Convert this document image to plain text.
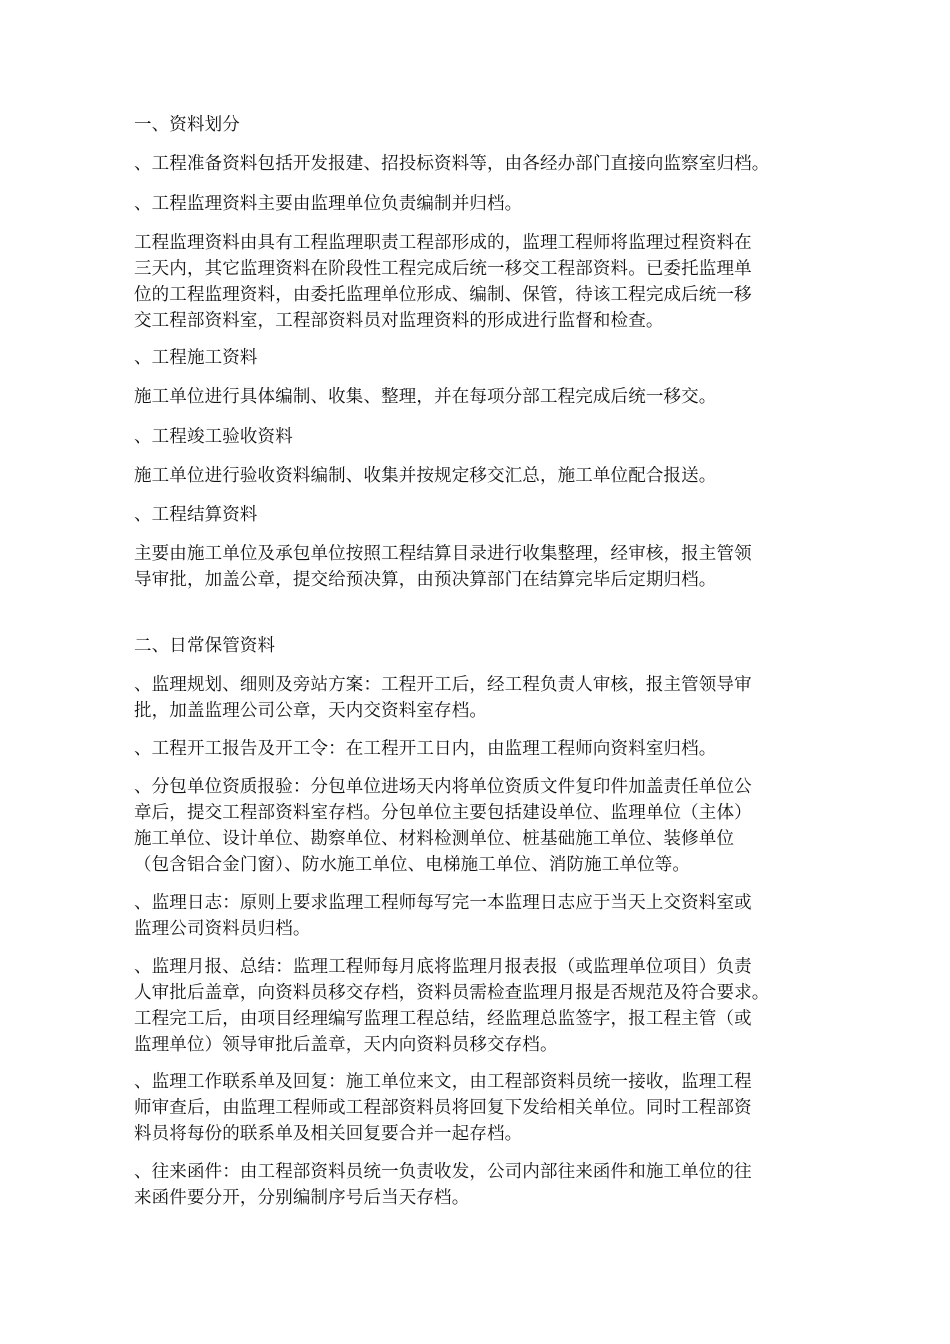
一、资料划分
、工程准备资料包括开发报建、招投标资料等，由各经办部门直接向监察室归档。
、工程监理资料主要由监理单位负责编制并归档。
工程监理资料由具有工程监理职责工程部形成的，监理工程师将监理过程资料在
三天内，其它监理资料在阶段性工程完成后统一移交工程部资料。已委托监理单
位的工程监理资料，由委托监理单位形成、编制、保管，待该工程完成后统一移
交工程部资料室，工程部资料员对监理资料的形成进行监督和检查。
、工程施工资料
施工单位进行具体编制、收集、整理，并在每项分部工程完成后统一移交。
、工程竣工验收资料
施工单位进行验收资料编制、收集并按规定移交汇总，施工单位配合报送。
、工程结算资料
主要由施工单位及承包单位按照工程结算目录进行收集整理，经审核，报主管领
导审批，加盖公章，提交给预决算，由预决算部门在结算完毕后定期归档。
二、日常保管资料
、监理规划、细则及旁站方案：工程开工后，经工程负责人审核，报主管领导审
批，加盖监理公司公章，天内交资料室存档。
、工程开工报告及开工令：在工程开工日内，由监理工程师向资料室归档。
、分包单位资质报验：分包单位进场天内将单位资质文件复印件加盖责任单位公
章后，提交工程部资料室存档。分包单位主要包括建设单位、监理单位（主体）
施工单位、设计单位、勘察单位、材料检测单位、桩基础施工单位、装修单位
（包含铝合金门窗）、防水施工单位、电梯施工单位、消防施工单位等。
、监理日志：原则上要求监理工程师每写完一本监理日志应于当天上交资料室或
监理公司资料员归档。
、监理月报、总结：监理工程师每月底将监理月报表报（或监理单位项目）负责
人审批后盖章，向资料员移交存档，资料员需检查监理月报是否规范及符合要求。
工程完工后，由项目经理编写监理工程总结，经监理总监签字，报工程主管（或
监理单位）领导审批后盖章，天内向资料员移交存档。
、监理工作联系单及回复：施工单位来文，由工程部资料员统一接收，监理工程
师审查后，由监理工程师或工程部资料员将回复下发给相关单位。同时工程部资
料员将每份的联系单及相关回复要合并一起存档。
、往来函件：由工程部资料员统一负责收发，公司内部往来函件和施工单位的往
来函件要分开，分别编制序号后当天存档。
